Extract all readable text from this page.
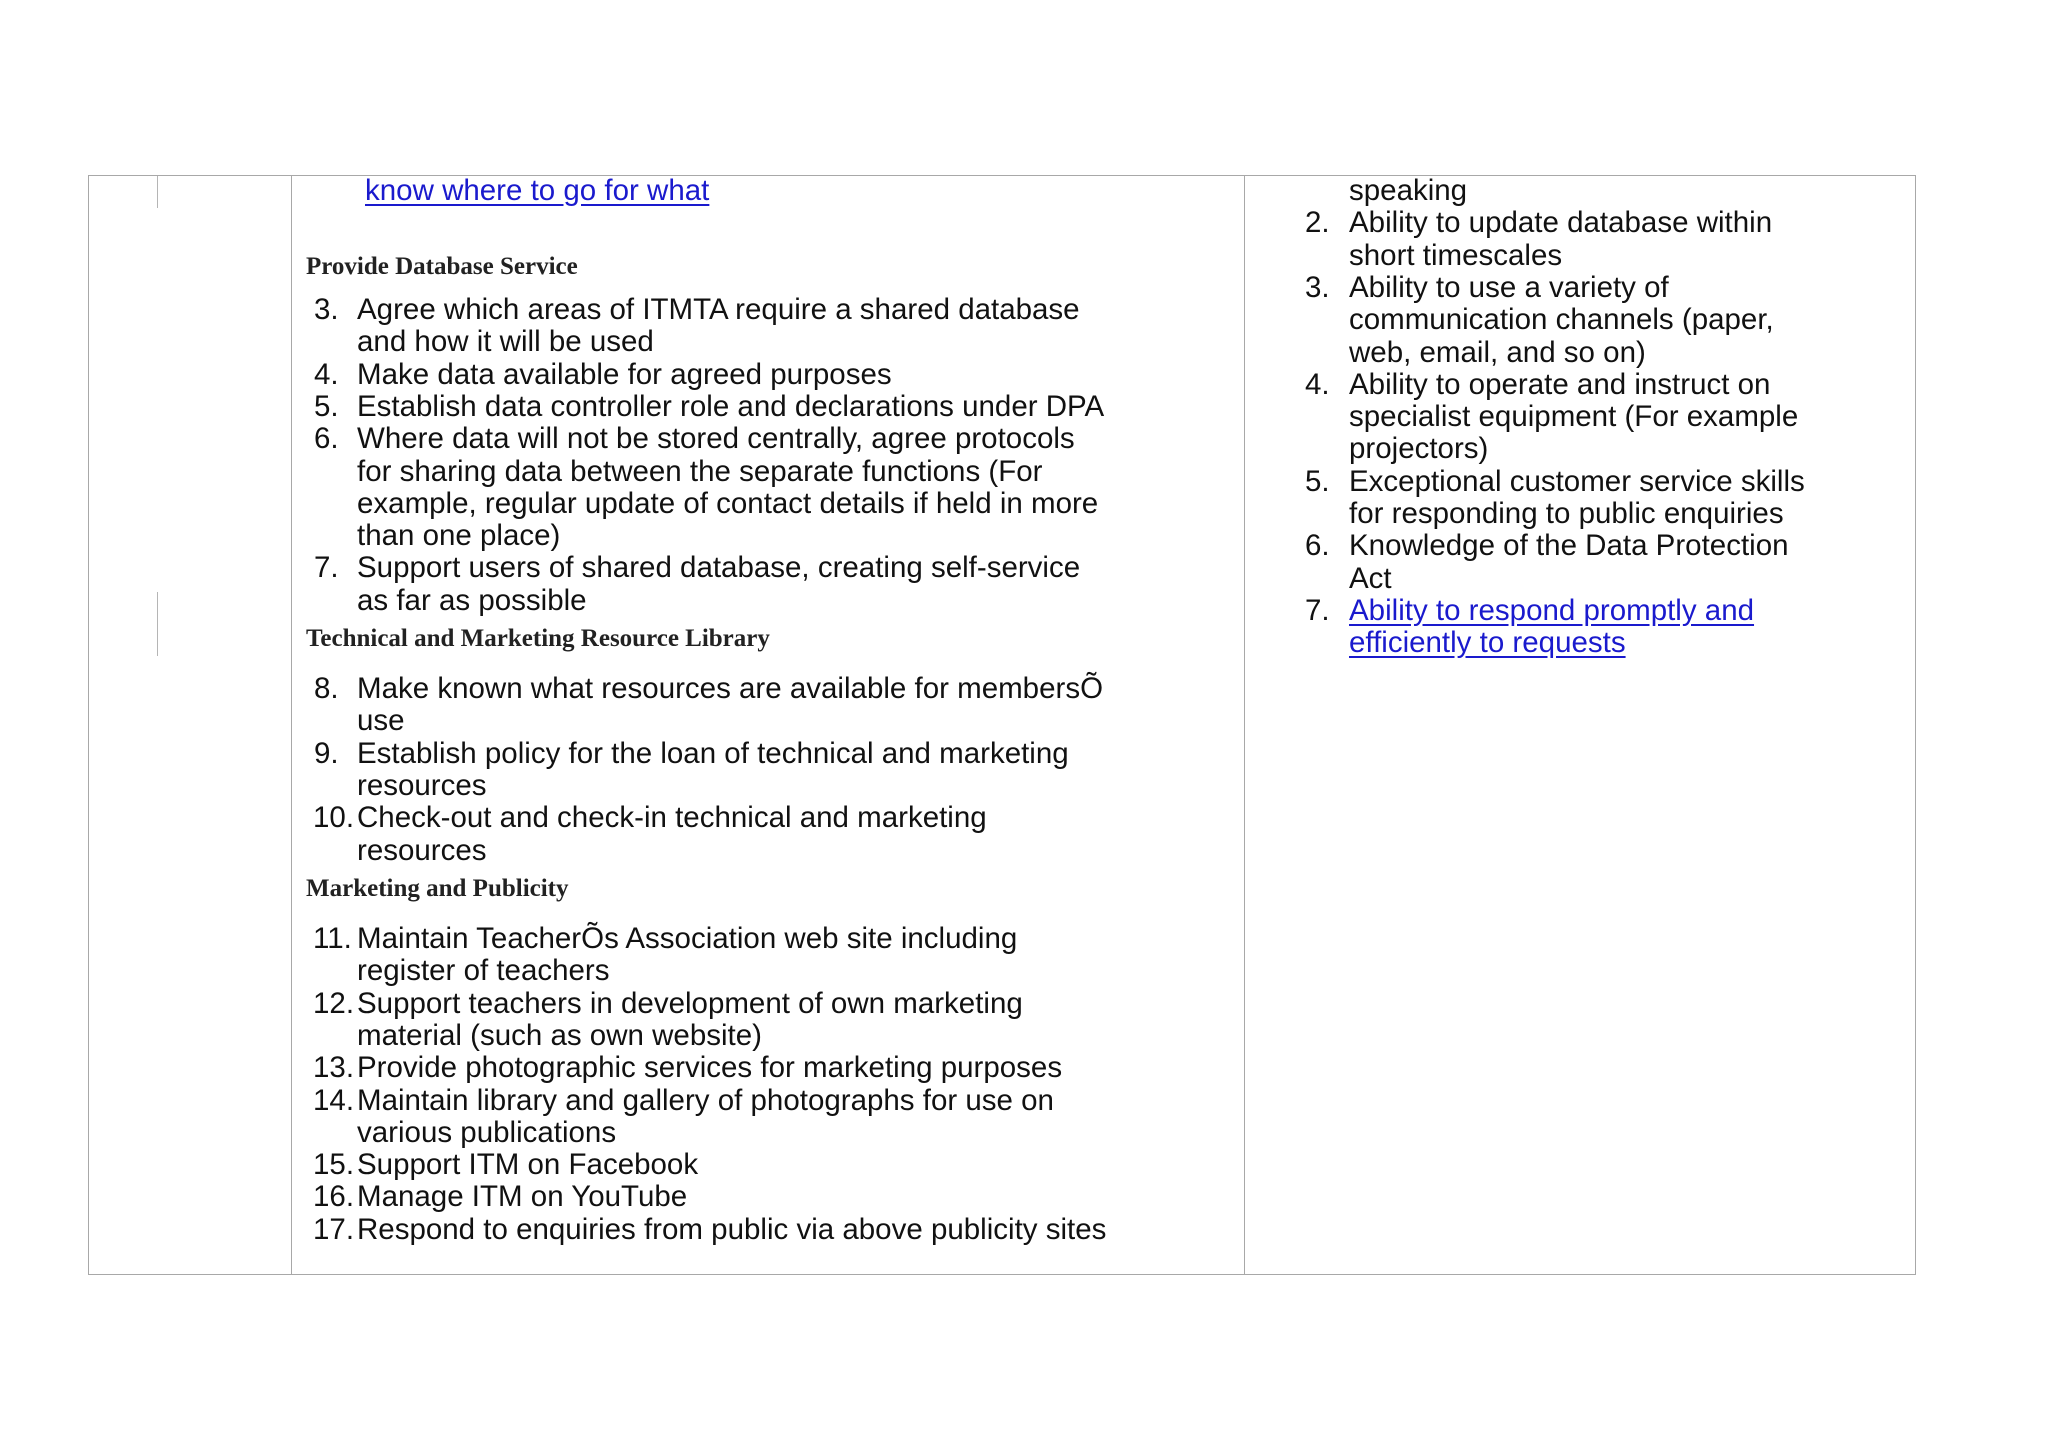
know where to go for what	speaking
Provide Database Service
3. Agree which areas of ITMTA require a shared database
and how it will be used
4. Make data available for agreed purposes
5. Establish data controller role and declarations under DPA
6. Where data will not be stored centrally, agree protocols
for sharing data between the separate functions (For
example, regular update of contact details if held in more
than one place)
7. Support users of shared database, creating self-service
as far as possible
Technical and Marketing Resource Library
8. Make known what resources are available for membersÕ
use
9. Establish policy for the loan of technical and marketing
resources
10. Check-out and check-in technical and marketing
resources
Marketing and Publicity
11. Maintain TeacherÕs Association web site including
register of teachers
12. Support teachers in development of own marketing
material (such as own website)
13. Provide photographic services for marketing purposes
14. Maintain library and gallery of photographs for use on
various publications
15. Support ITM on Facebook
16. Manage ITM on YouTube
17. Respond to enquiries from public via above publicity sites
2. Ability to update database within
short timescales
3. Ability to use a variety of
communication channels (paper,
web, email, and so on)
4. Ability to operate and instruct on
specialist equipment (For example
projectors)
5. Exceptional customer service skills
for responding to public enquiries
6. Knowledge of the Data Protection
Act
7. Ability to respond promptly and
efficiently to requests
